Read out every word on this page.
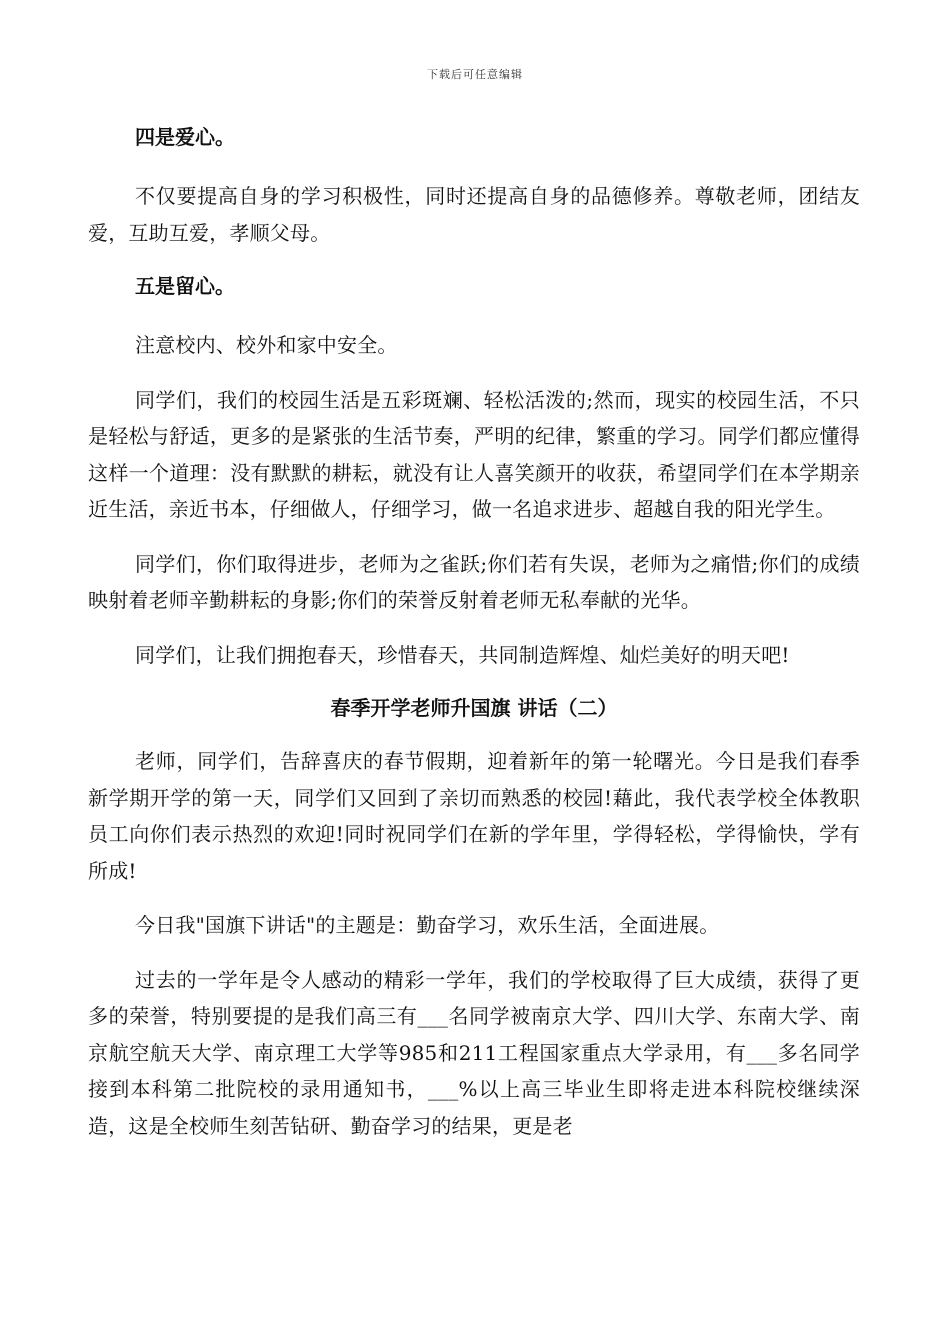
下载后可任意编辑
四是爱心。

不仅要提高自身的学习积极性，同时还提高自身的品德修养。尊敬老师，团结友爱，互助互爱，孝顺父母。

五是留心。

注意校内、校外和家中安全。

同学们，我们的校园生活是五彩斑斓、轻松活泼的;然而，现实的校园生活，不只是轻松与舒适，更多的是紧张的生活节奏，严明的纪律，繁重的学习。同学们都应懂得这样一个道理：没有默默的耕耘，就没有让人喜笑颜开的收获，希望同学们在本学期亲近生活，亲近书本，仔细做人，仔细学习，做一名追求进步、超越自我的阳光学生。

同学们，你们取得进步，老师为之雀跃;你们若有失误，老师为之痛惜;你们的成绩映射着老师辛勤耕耘的身影;你们的荣誉反射着老师无私奉献的光华。

同学们，让我们拥抱春天，珍惜春天，共同制造辉煌、灿烂美好的明天吧!

春季开学老师升国旗 讲话（二）

老师，同学们，告辞喜庆的春节假期，迎着新年的第一轮曙光。今日是我们春季新学期开学的第一天，同学们又回到了亲切而熟悉的校园!藉此，我代表学校全体教职员工向你们表示热烈的欢迎!同时祝同学们在新的学年里，学得轻松，学得愉快，学有所成!

今日我"国旗下讲话"的主题是：勤奋学习，欢乐生活，全面进展。

过去的一学年是令人感动的精彩一学年，我们的学校取得了巨大成绩，获得了更多的荣誉，特别要提的是我们高三有___名同学被南京大学、四川大学、东南大学、南京航空航天大学、南京理工大学等985和211工程国家重点大学录用，有___多名同学接到本科第二批院校的录用通知书，___%以上高三毕业生即将走进本科院校继续深造，这是全校师生刻苦钻研、勤奋学习的结果，更是老
